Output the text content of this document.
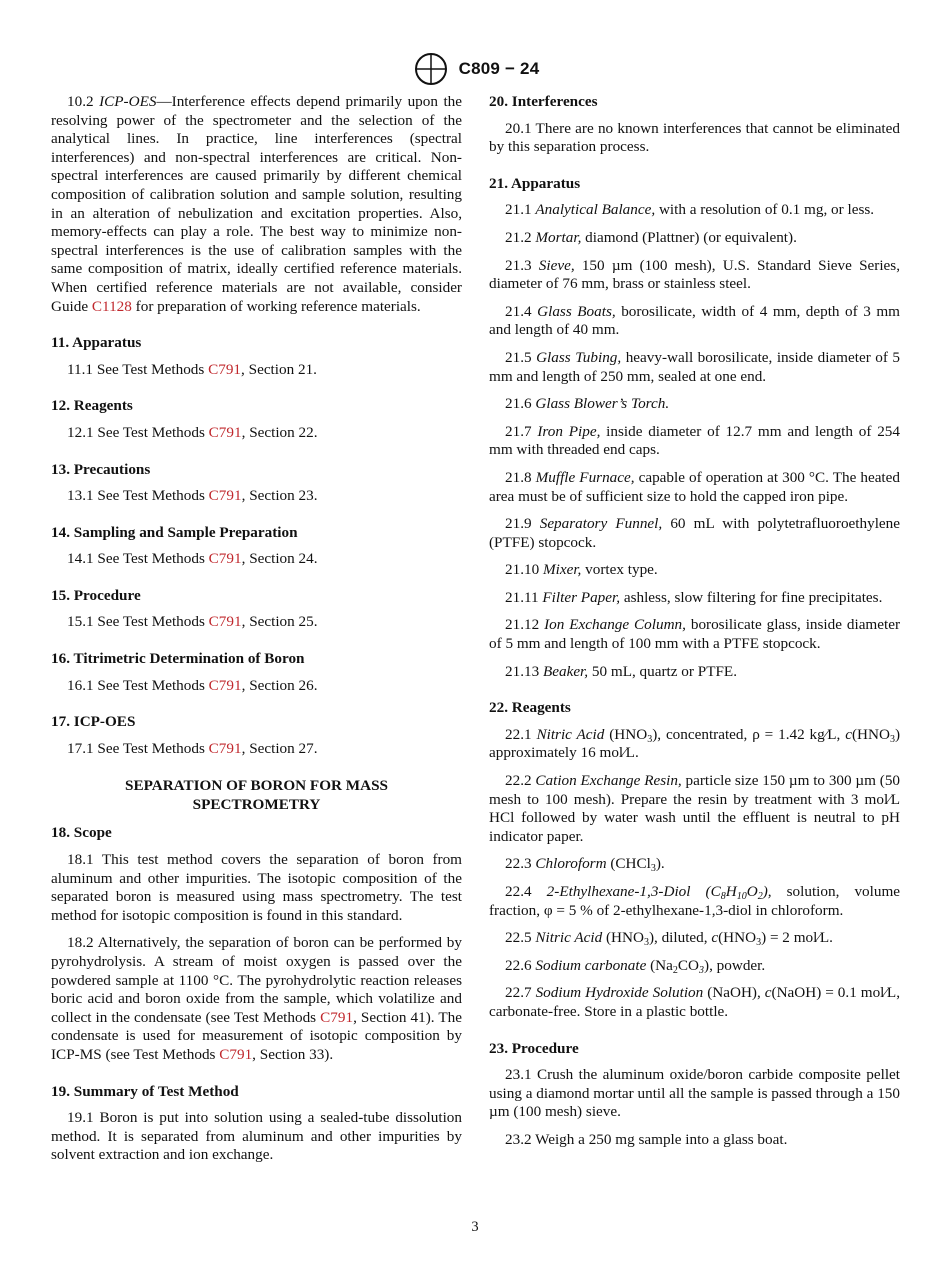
C809 − 24

10.2 ICP-OES—Interference effects depend primarily upon the resolving power of the spectrometer and the selection of the analytical lines. In practice, line interferences (spectral interferences) and non-spectral interferences are critical. Non-spectral interferences are caused primarily by different chemical composition of calibration solution and sample solution, resulting in an alteration of nebulization and excitation properties. Also, memory-effects can play a role. The best way to minimize non-spectral interferences is the use of calibration samples with the same composition of matrix, ideally certified reference materials. When certified reference materials are not available, consider Guide C1128 for preparation of working reference materials.

11. Apparatus

11.1 See Test Methods C791, Section 21.

12. Reagents

12.1 See Test Methods C791, Section 22.

13. Precautions

13.1 See Test Methods C791, Section 23.

14. Sampling and Sample Preparation

14.1 See Test Methods C791, Section 24.

15. Procedure

15.1 See Test Methods C791, Section 25.

16. Titrimetric Determination of Boron

16.1 See Test Methods C791, Section 26.

17. ICP-OES

17.1 See Test Methods C791, Section 27.

SEPARATION OF BORON FOR MASS
SPECTROMETRY
18. Scope

18.1 This test method covers the separation of boron from aluminum and other impurities. The isotopic composition of the separated boron is measured using mass spectrometry. The test method for isotopic composition is found in this standard.

18.2 Alternatively, the separation of boron can be performed by pyrohydrolysis. A stream of moist oxygen is passed over the powdered sample at 1100 °C. The pyrohydrolytic reaction releases boric acid and boron oxide from the sample, which volatilize and collect in the condensate (see Test Methods C791, Section 41). The condensate is used for measurement of isotopic composition by ICP-MS (see Test Methods C791, Section 33).

19. Summary of Test Method

19.1 Boron is put into solution using a sealed-tube dissolution method. It is separated from aluminum and other impurities by solvent extraction and ion exchange.

20. Interferences

20.1 There are no known interferences that cannot be eliminated by this separation process.

21. Apparatus

21.1 Analytical Balance, with a resolution of 0.1 mg, or less.

21.2 Mortar, diamond (Plattner) (or equivalent).

21.3 Sieve, 150 µm (100 mesh), U.S. Standard Sieve Series, diameter of 76 mm, brass or stainless steel.

21.4 Glass Boats, borosilicate, width of 4 mm, depth of 3 mm and length of 40 mm.

21.5 Glass Tubing, heavy-wall borosilicate, inside diameter of 5 mm and length of 250 mm, sealed at one end.

21.6 Glass Blower’s Torch.

21.7 Iron Pipe, inside diameter of 12.7 mm and length of 254 mm with threaded end caps.

21.8 Muffle Furnace, capable of operation at 300 °C. The heated area must be of sufficient size to hold the capped iron pipe.

21.9 Separatory Funnel, 60 mL with polytetrafluoroethylene (PTFE) stopcock.

21.10 Mixer, vortex type.

21.11 Filter Paper, ashless, slow filtering for fine precipitates.

21.12 Ion Exchange Column, borosilicate glass, inside diameter of 5 mm and length of 100 mm with a PTFE stopcock.

21.13 Beaker, 50 mL, quartz or PTFE.

22. Reagents

22.1 Nitric Acid $(HNO_3)$, concentrated, ρ = 1.42 kg⁄L, $c(HNO_3)$ approximately 16 mol⁄L.

22.2 Cation Exchange Resin, particle size 150 µm to 300 µm (50 mesh to 100 mesh). Prepare the resin by treatment with 3 mol⁄L HCl followed by water wash until the effluent is neutral to pH indicator paper.

22.3 Chloroform (CHCl$_3$).

22.4 2-Ethylhexane-1,3-Diol $(C_8H_{10}O_2)$, solution, volume fraction, φ = 5 % of 2-ethylhexane-1,3-diol in chloroform.

22.5 Nitric Acid $(HNO_3)$, diluted, $c(HNO_3) = 2$ mol⁄L.

22.6 Sodium carbonate $(Na_2CO_3)$, powder.

22.7 Sodium Hydroxide Solution (NaOH), c(NaOH) = 0.1 mol⁄L, carbonate-free. Store in a plastic bottle.

23. Procedure

23.1 Crush the aluminum oxide/boron carbide composite pellet using a diamond mortar until all the sample is passed through a 150 µm (100 mesh) sieve.

23.2 Weigh a 250 mg sample into a glass boat.

3
